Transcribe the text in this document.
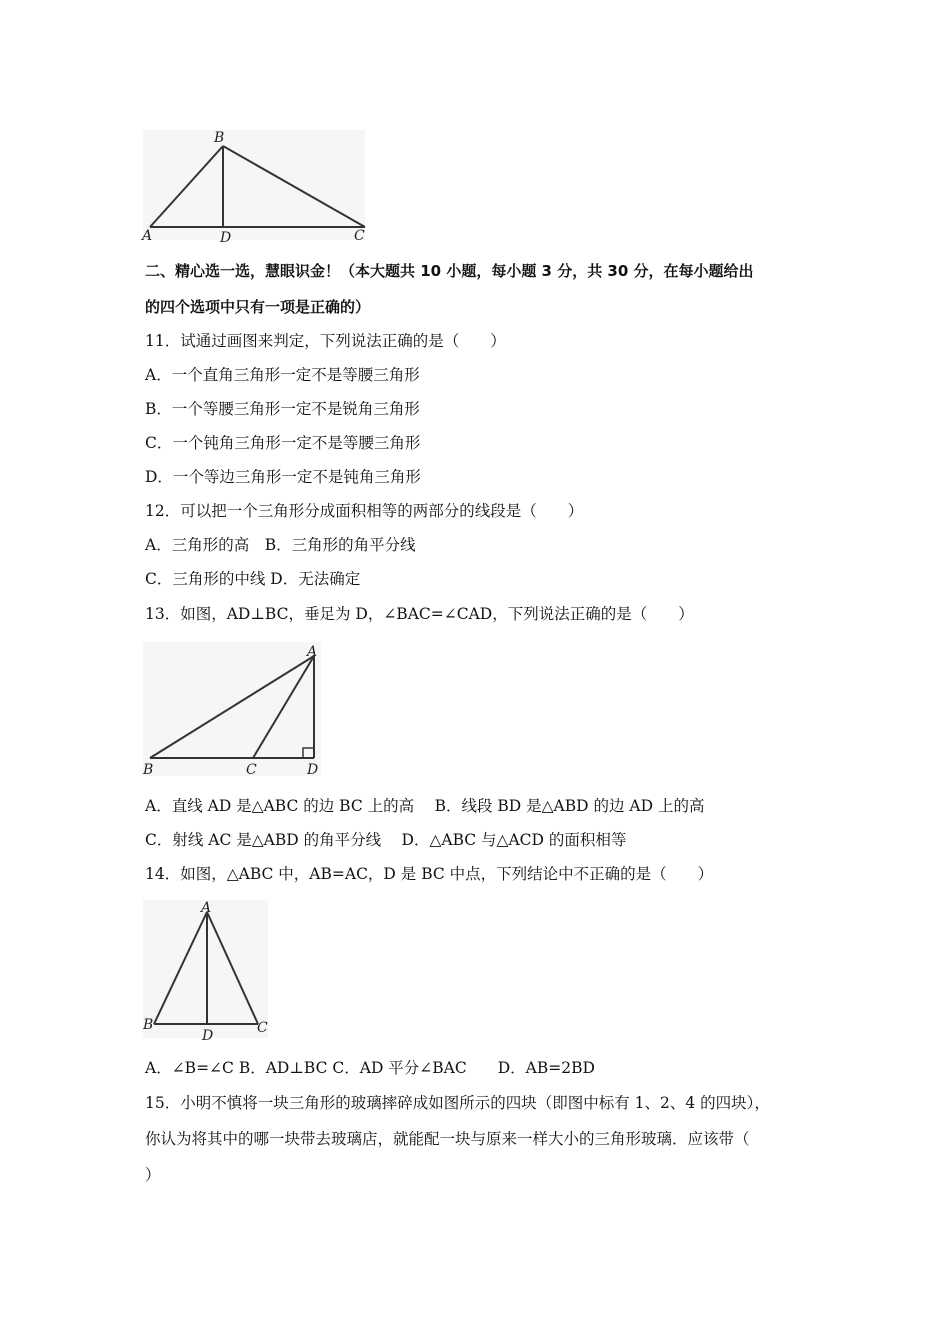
B
A	D	C
二、精心选一选，慧眼识金！（本大题共 10 小题，每小题 3 分，共 30 分，在每小题给出
的四个选项中只有一项是正确的）
11．试通过画图来判定，下列说法正确的是（　　）
A．一个直角三角形一定不是等腰三角形
B．一个等腰三角形一定不是锐角三角形
C．一个钝角三角形一定不是等腰三角形
D．一个等边三角形一定不是钝角三角形
12．可以把一个三角形分成面积相等的两部分的线段是（　　）
A．三角形的高　B．三角形的角平分线
C．三角形的中线 D．无法确定
13．如图，AD⊥BC，垂足为 D，∠BAC=∠CAD，下列说法正确的是（　　）
A
B	C	D
A．直线 AD 是△ABC 的边 BC 上的高　 B．线段 BD 是△ABD 的边 AD 上的高
C．射线 AC 是△ABD 的角平分线　 D．△ABC 与△ACD 的面积相等
14．如图，△ABC 中，AB=AC，D 是 BC 中点，下列结论中不正确的是（　　）
A
B
D	C
A．∠B=∠C B．AD⊥BC C．AD 平分∠BAC　　D．AB=2BD
15．小明不慎将一块三角形的玻璃摔碎成如图所示的四块（即图中标有 1、2、4 的四块），
你认为将其中的哪一块带去玻璃店，就能配一块与原来一样大小的三角形玻璃．应该带（
）
